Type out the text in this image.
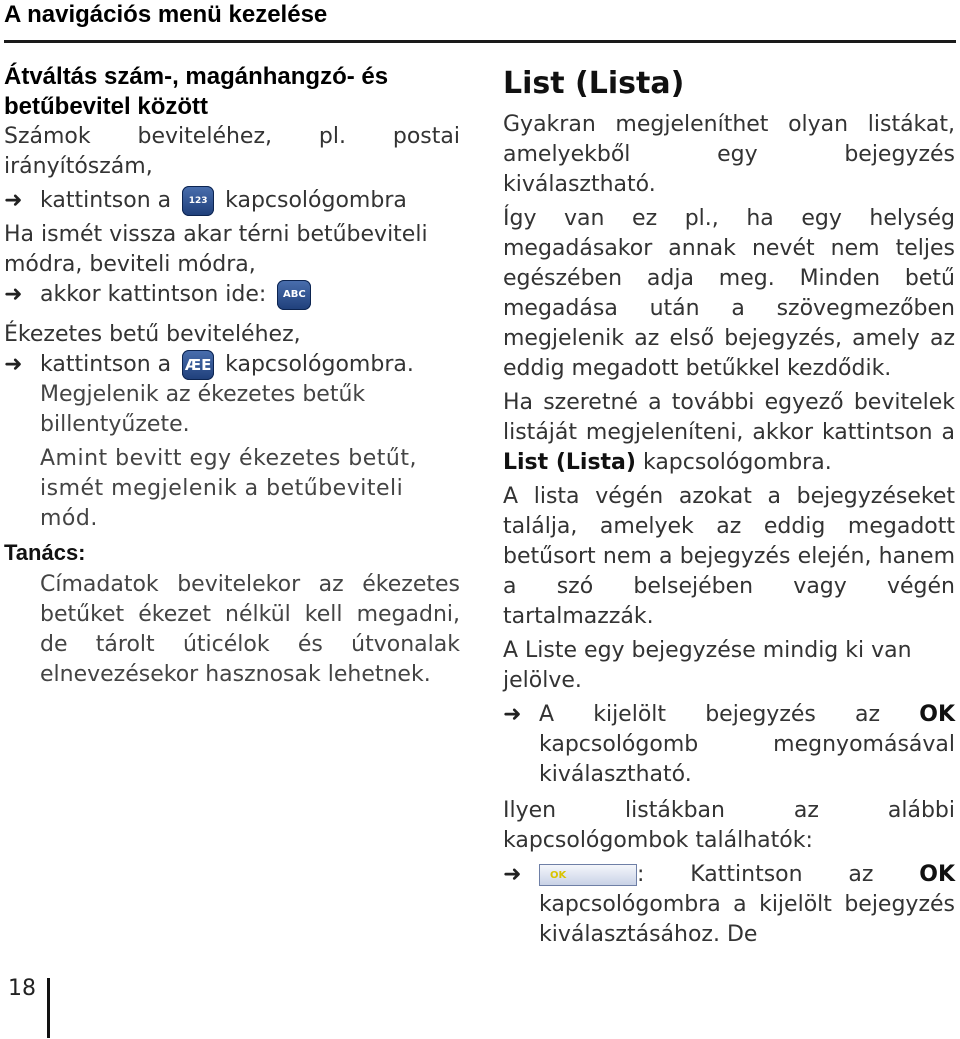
A navigációs menü kezelése
Átváltás szám-, magánhangzó- és betűbevitel között

Számok beviteléhez, pl. postai irányítószám,

➜ kattintson a 123 kapcsológombra

Ha ismét vissza akar térni betűbeviteli módra, beviteli módra,

➜ akkor kattintson ide: ABC

Ékezetes betű beviteléhez,

➜ kattintson a ÆE kapcsológombra.
Megjelenik az ékezetes betűk billentyűzete.
Amint bevitt egy ékezetes betűt, ismét megjelenik a betűbeviteli mód.
Tanács:
Címadatok bevitelekor az ékezetes betűket ékezet nélkül kell megadni, de tárolt úticélok és útvonalak elnevezésekor hasznosak lehetnek.
List (Lista)

Gyakran megjeleníthet olyan listákat, amelyekből egy bejegyzés kiválasztható.

Így van ez pl., ha egy helység megadásakor annak nevét nem teljes egészében adja meg. Minden betű megadása után a szövegmezőben megjelenik az első bejegyzés, amely az eddig megadott betűkkel kezdődik.

Ha szeretné a további egyező bevitelek listáját megjeleníteni, akkor kattintson a List (Lista) kapcsológombra.

A lista végén azokat a bejegyzéseket találja, amelyek az eddig megadott betűsort nem a bejegyzés elején, hanem a szó belsejében vagy végén tartalmazzák.

A Liste egy bejegyzése mindig ki van jelölve.

➜ A kijelölt bejegyzés az OK kapcsológomb megnyomásával kiválasztható.

Ilyen listákban az alábbi kapcsológombok találhatók:

➜	OK	: Kattintson az OK kapcsológombra a kijelölt bejegyzés kiválasztásához. De
18
